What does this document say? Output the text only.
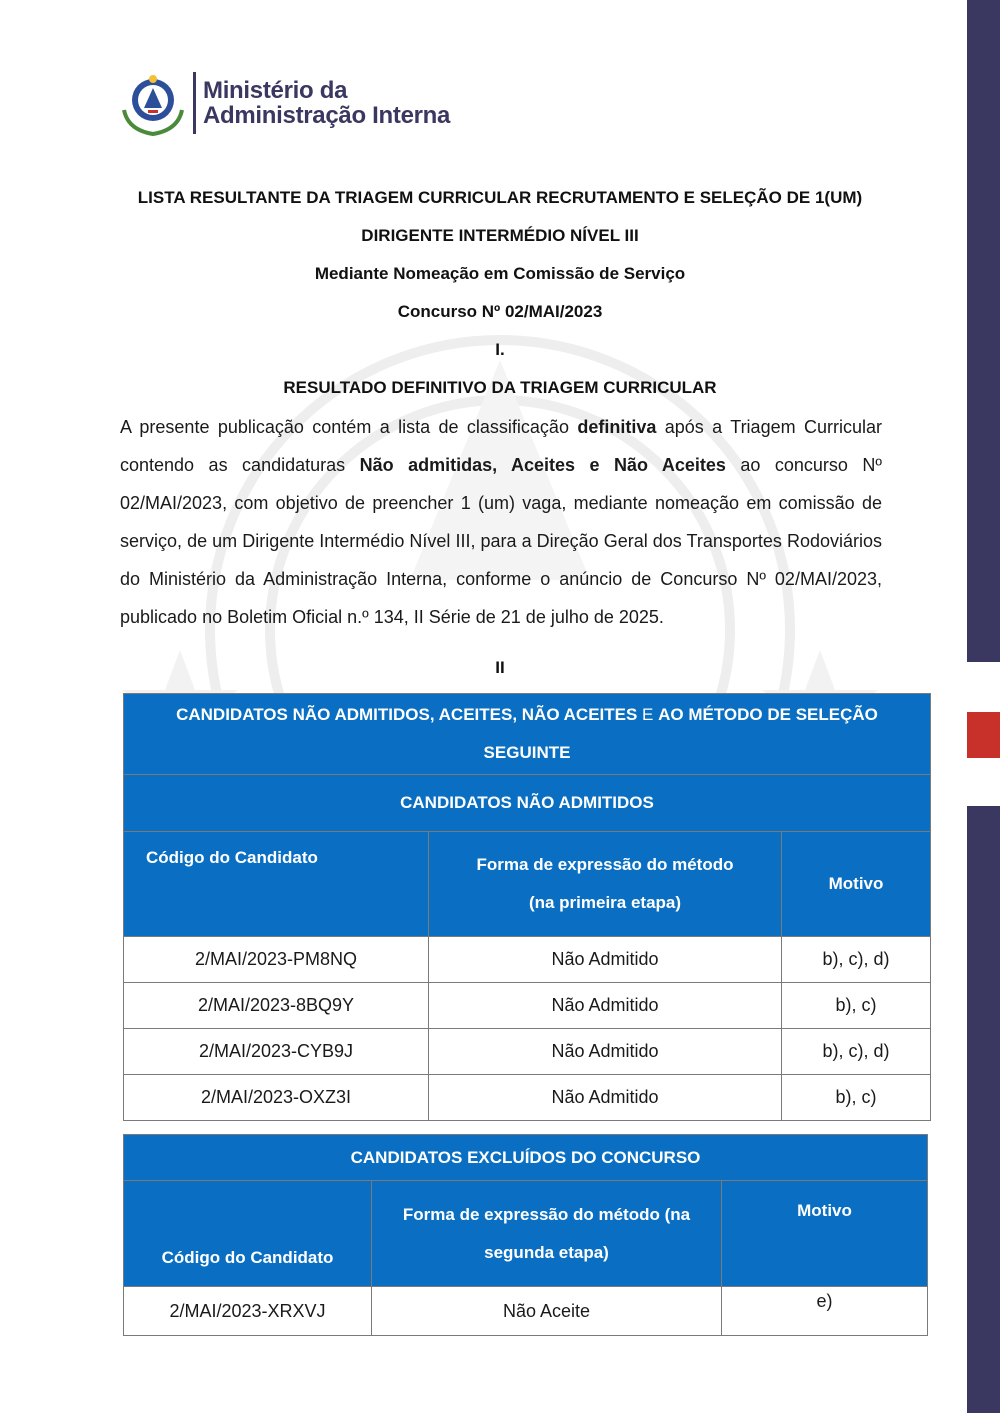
Ministério da
Administração Interna
LISTA RESULTANTE DA TRIAGEM CURRICULAR RECRUTAMENTO E SELEÇÃO DE 1(UM)
DIRIGENTE INTERMÉDIO NÍVEL III
Mediante Nomeação em Comissão de Serviço
Concurso Nº 02/MAI/2023
I.
RESULTADO DEFINITIVO DA TRIAGEM CURRICULAR
A presente publicação contém a lista de classificação definitiva após a Triagem Curricular contendo as candidaturas Não admitidas, Aceites e Não Aceites ao concurso Nº 02/MAI/2023, com objetivo de preencher 1 (um) vaga, mediante nomeação em comissão de serviço, de um Dirigente Intermédio Nível III, para a Direção Geral dos Transportes Rodoviários do Ministério da Administração Interna, conforme o anúncio de Concurso Nº 02/MAI/2023, publicado no Boletim Oficial n.º 134, II Série de 21 de julho de 2025.
II
CANDIDATOS NÃO ADMITIDOS, ACEITES, NÃO ACEITES E AO MÉTODO DE SELEÇÃO SEGUINTE		
CANDIDATOS NÃO ADMITIDOS		
Código do Candidato	Forma de expressão do método (na primeira etapa)	Motivo
2/MAI/2023-PM8NQ	Não Admitido	b), c), d)
2/MAI/2023-8BQ9Y	Não Admitido	b), c)
2/MAI/2023-CYB9J	Não Admitido	b), c), d)
2/MAI/2023-OXZ3I	Não Admitido	b), c)
CANDIDATOS EXCLUÍDOS DO CONCURSO		
Código do Candidato	Forma de expressão do método (na segunda etapa)	Motivo
2/MAI/2023-XRXVJ	Não Aceite	e)
